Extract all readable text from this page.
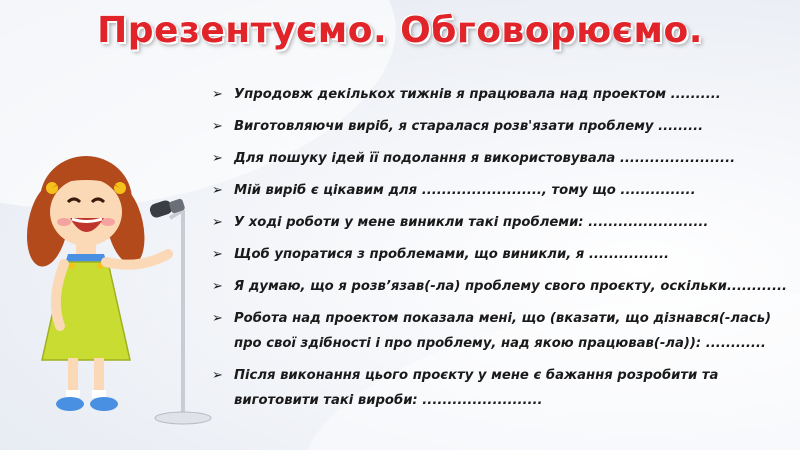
Презентуємо. Обговорюємо.
➢ Упродовж декількох тижнів я працювала над проектом ..........
➢ Виготовляючи виріб, я старалася розв'язати проблему .........
➢ Для пошуку ідей її подолання я використовувала .......................
➢ Мій виріб є цікавим для ........................, тому що ...............
➢ У ході роботи у мене виникли такі проблеми: ........................
➢ Щоб упоратися з проблемами, що виникли, я ................
➢ Я думаю, що я розв’язав(-ла) проблему свого проєкту, оскільки............
➢ Робота над проектом показала мені, що (вказати, що дізнався(-лась) про свої здібності і про проблему, над якою працював(-ла)): ............
➢ Після виконання цього проєкту у мене є бажання розробити та виготовити такі вироби: ........................
